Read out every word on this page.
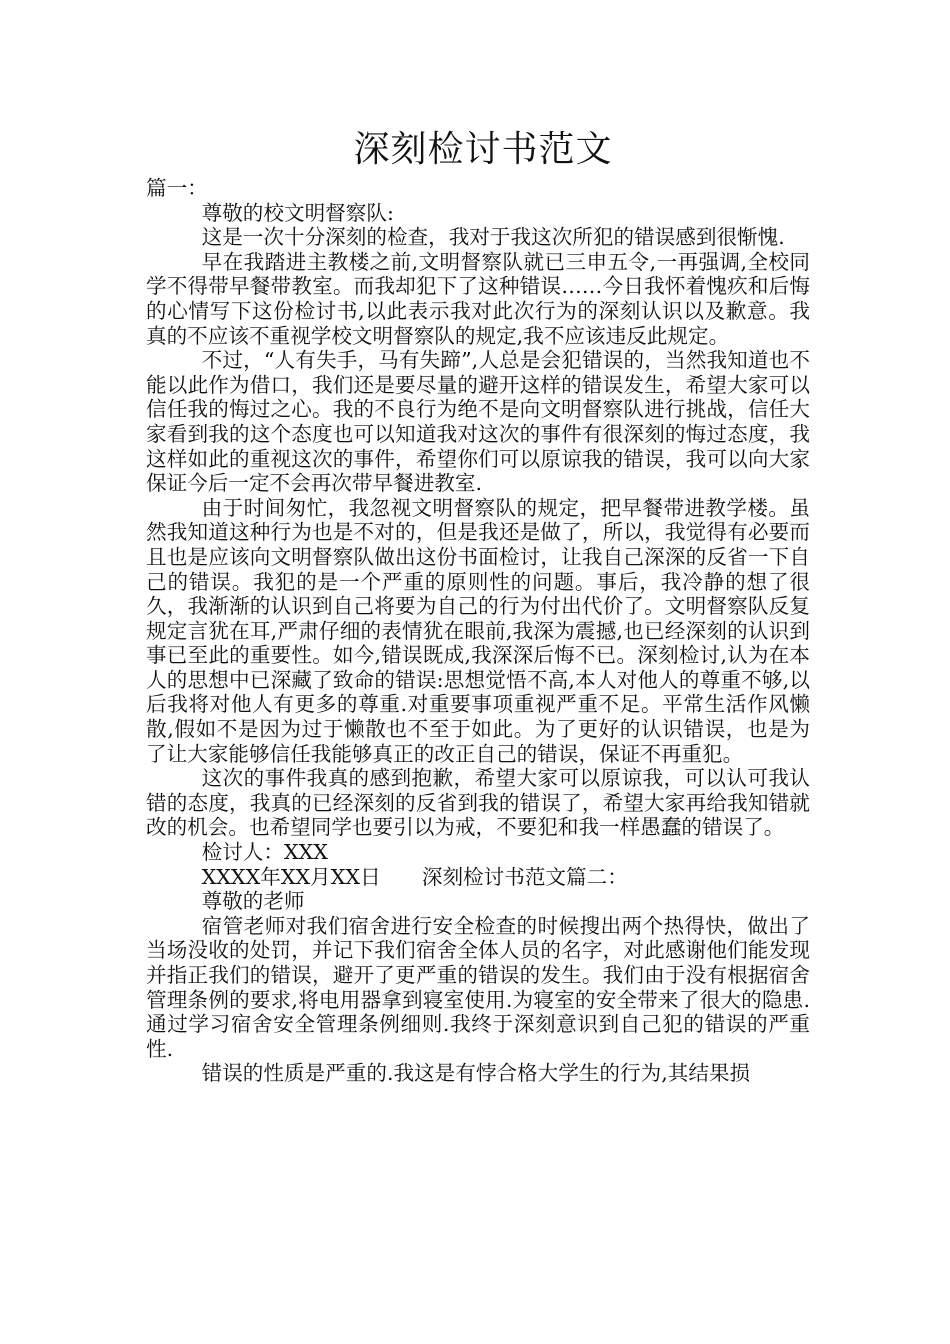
深刻检讨书范文

篇一：

尊敬的校文明督察队:

这是一次十分深刻的检查，我对于我这次所犯的错误感到很惭愧.

早在我踏进主教楼之前,文明督察队就已三申五令,一再强调,全校同学不得带早餐带教室。而我却犯下了这种错误……今日我怀着愧疚和后悔的心情写下这份检讨书,以此表示我对此次行为的深刻认识以及歉意。我真的不应该不重视学校文明督察队的规定,我不应该违反此规定。

不过，“人有失手，马有失蹄”,人总是会犯错误的，当然我知道也不能以此作为借口，我们还是要尽量的避开这样的错误发生，希望大家可以信任我的悔过之心。我的不良行为绝不是向文明督察队进行挑战，信任大家看到我的这个态度也可以知道我对这次的事件有很深刻的悔过态度，我这样如此的重视这次的事件，希望你们可以原谅我的错误，我可以向大家保证今后一定不会再次带早餐进教室.

由于时间匆忙，我忽视文明督察队的规定，把早餐带进教学楼。虽然我知道这种行为也是不对的，但是我还是做了，所以，我觉得有必要而且也是应该向文明督察队做出这份书面检讨，让我自己深深的反省一下自己的错误。我犯的是一个严重的原则性的问题。事后，我冷静的想了很久，我渐渐的认识到自己将要为自己的行为付出代价了。文明督察队反复规定言犹在耳,严肃仔细的表情犹在眼前,我深为震撼,也已经深刻的认识到事已至此的重要性。如今,错误既成,我深深后悔不已。深刻检讨,认为在本人的思想中已深藏了致命的错误:思想觉悟不高,本人对他人的尊重不够,以后我将对他人有更多的尊重.对重要事项重视严重不足。平常生活作风懒散,假如不是因为过于懒散也不至于如此。为了更好的认识错误，也是为了让大家能够信任我能够真正的改正自己的错误，保证不再重犯。

这次的事件我真的感到抱歉，希望大家可以原谅我，可以认可我认错的态度，我真的已经深刻的反省到我的错误了，希望大家再给我知错就改的机会。也希望同学也要引以为戒，不要犯和我一样愚蠢的错误了。

检讨人：XXX

XXXX年XX月XX日　　深刻检讨书范文篇二：

尊敬的老师

宿管老师对我们宿舍进行安全检查的时候搜出两个热得快，做出了当场没收的处罚，并记下我们宿舍全体人员的名字，对此感谢他们能发现并指正我们的错误，避开了更严重的错误的发生。我们由于没有根据宿舍管理条例的要求,将电用器拿到寝室使用.为寝室的安全带来了很大的隐患.通过学习宿舍安全管理条例细则.我终于深刻意识到自己犯的错误的严重性.

错误的性质是严重的.我这是有悖合格大学生的行为,其结果损
